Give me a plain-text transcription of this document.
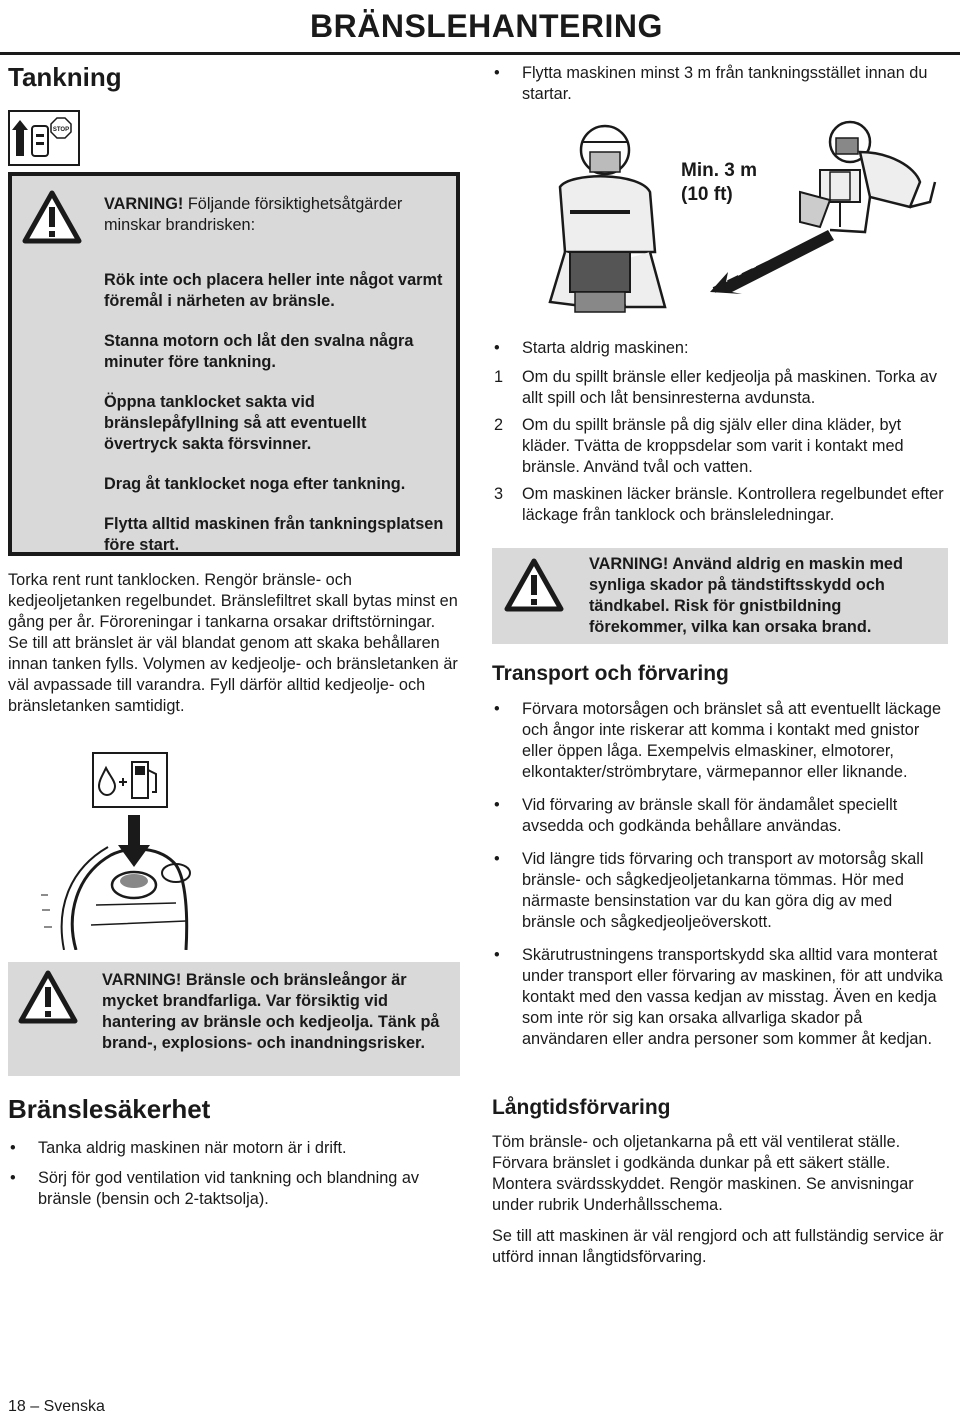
BRÄNSLEHANTERING
Tankning
STOP
VARNING! Följande försiktighetsåtgärder minskar brandrisken:

Rök inte och placera heller inte något varmt föremål i närheten av bränsle.

Stanna motorn och låt den svalna några minuter före tankning.

Öppna tanklocket sakta vid bränslepåfyllning så att eventuellt övertryck sakta försvinner.

Drag åt tanklocket noga efter tankning.

Flytta alltid maskinen från tankningsplatsen före start.

Torka rent runt tanklocken. Rengör bränsle- och kedjeoljetanken regelbundet. Bränslefiltret skall bytas minst en gång per år. Föroreningar i tankarna orsakar driftstörningar. Se till att bränslet är väl blandat genom att skaka behållaren innan tanken fylls. Volymen av kedjeolje- och bränsletanken är väl avpassade till varandra. Fyll därför alltid kedjeolje- och bränsletanken samtidigt.
VARNING! Bränsle och bränsleångor är mycket brandfarliga. Var försiktig vid hantering av bränsle och kedjeolja. Tänk på brand-, explosions- och inandningsrisker.
Bränslesäkerhet
• Tanka aldrig maskinen när motorn är i drift.
• Sörj för god ventilation vid tankning och blandning av bränsle (bensin och 2-taktsolja).
• Flytta maskinen minst 3 m från tankningsstället innan du startar.
Min. 3 m
(10 ft)
• Starta aldrig maskinen:
1 Om du spillt bränsle eller kedjeolja på maskinen. Torka av allt spill och låt bensinresterna avdunsta.
2 Om du spillt bränsle på dig själv eller dina kläder, byt kläder. Tvätta de kroppsdelar som varit i kontakt med bränsle. Använd tvål och vatten.
3 Om maskinen läcker bränsle. Kontrollera regelbundet efter läckage från tanklock och bränsleledningar.
VARNING! Använd aldrig en maskin med synliga skador på tändstiftsskydd och tändkabel. Risk för gnistbildning förekommer, vilka kan orsaka brand.
Transport och förvaring
• Förvara motorsågen och bränslet så att eventuellt läckage och ångor inte riskerar att komma i kontakt med gnistor eller öppen låga. Exempelvis elmaskiner, elmotorer, elkontakter/strömbrytare, värmepannor eller liknande.
• Vid förvaring av bränsle skall för ändamålet speciellt avsedda och godkända behållare användas.
• Vid längre tids förvaring och transport av motorsåg skall bränsle- och sågkedjeoljetankarna tömmas. Hör med närmaste bensinstation var du kan göra dig av med bränsle och sågkedjeoljeöverskott.
• Skärutrustningens transportskydd ska alltid vara monterat under transport eller förvaring av maskinen, för att undvika kontakt med den vassa kedjan av misstag. Även en kedja som inte rör sig kan orsaka allvarliga skador på användaren eller andra personer som kommer åt kedjan.
Långtidsförvaring
Töm bränsle- och oljetankarna på ett väl ventilerat ställe. Förvara bränslet i godkända dunkar på ett säkert ställe. Montera svärdsskyddet. Rengör maskinen. Se anvisningar under rubrik Underhållsschema.
Se till att maskinen är väl rengjord och att fullständig service är utförd innan långtidsförvaring.
18 – Svenska
